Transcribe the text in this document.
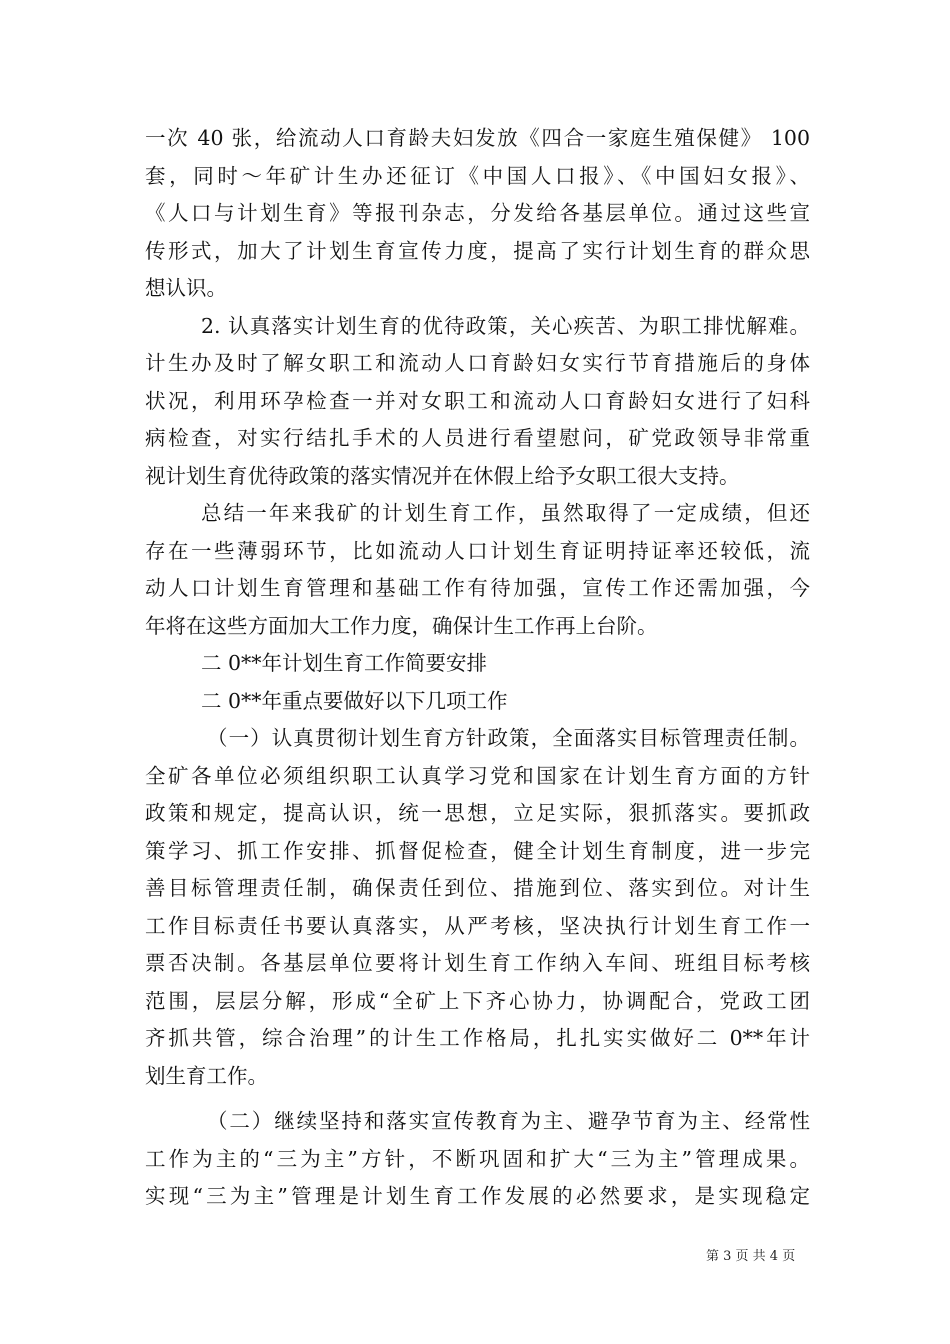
一次 40 张，给流动人口育龄夫妇发放《四合一家庭生殖保健》 100
套，同时～年矿计生办还征订《中国人口报》、《中国妇女报》、
《人口与计划生育》等报刊杂志，分发给各基层单位。通过这些宣
传形式，加大了计划生育宣传力度，提高了实行计划生育的群众思
想认识。
2. 认真落实计划生育的优待政策，关心疾苦、为职工排忧解难。
计生办及时了解女职工和流动人口育龄妇女实行节育措施后的身体
状况，利用环孕检查一并对女职工和流动人口育龄妇女进行了妇科
病检查，对实行结扎手术的人员进行看望慰问，矿党政领导非常重
视计划生育优待政策的落实情况并在休假上给予女职工很大支持。
总结一年来我矿的计划生育工作，虽然取得了一定成绩，但还
存在一些薄弱环节，比如流动人口计划生育证明持证率还较低，流
动人口计划生育管理和基础工作有待加强，宣传工作还需加强，今
年将在这些方面加大工作力度，确保计生工作再上台阶。
二 0**年计划生育工作简要安排
二 0**年重点要做好以下几项工作
（一）认真贯彻计划生育方针政策，全面落实目标管理责任制。
全矿各单位必须组织职工认真学习党和国家在计划生育方面的方针
政策和规定，提高认识，统一思想，立足实际，狠抓落实。要抓政
策学习、抓工作安排、抓督促检查，健全计划生育制度，进一步完
善目标管理责任制，确保责任到位、措施到位、落实到位。对计生
工作目标责任书要认真落实，从严考核，坚决执行计划生育工作一
票否决制。各基层单位要将计划生育工作纳入车间、班组目标考核
范围，层层分解，形成“全矿上下齐心协力，协调配合，党政工团
齐抓共管，综合治理”的计生工作格局，扎扎实实做好二 0**年计
划生育工作。
（二）继续坚持和落实宣传教育为主、避孕节育为主、经常性
工作为主的“三为主”方针，不断巩固和扩大“三为主”管理成果。
实现“三为主”管理是计划生育工作发展的必然要求，是实现稳定
第 3 页 共 4 页
